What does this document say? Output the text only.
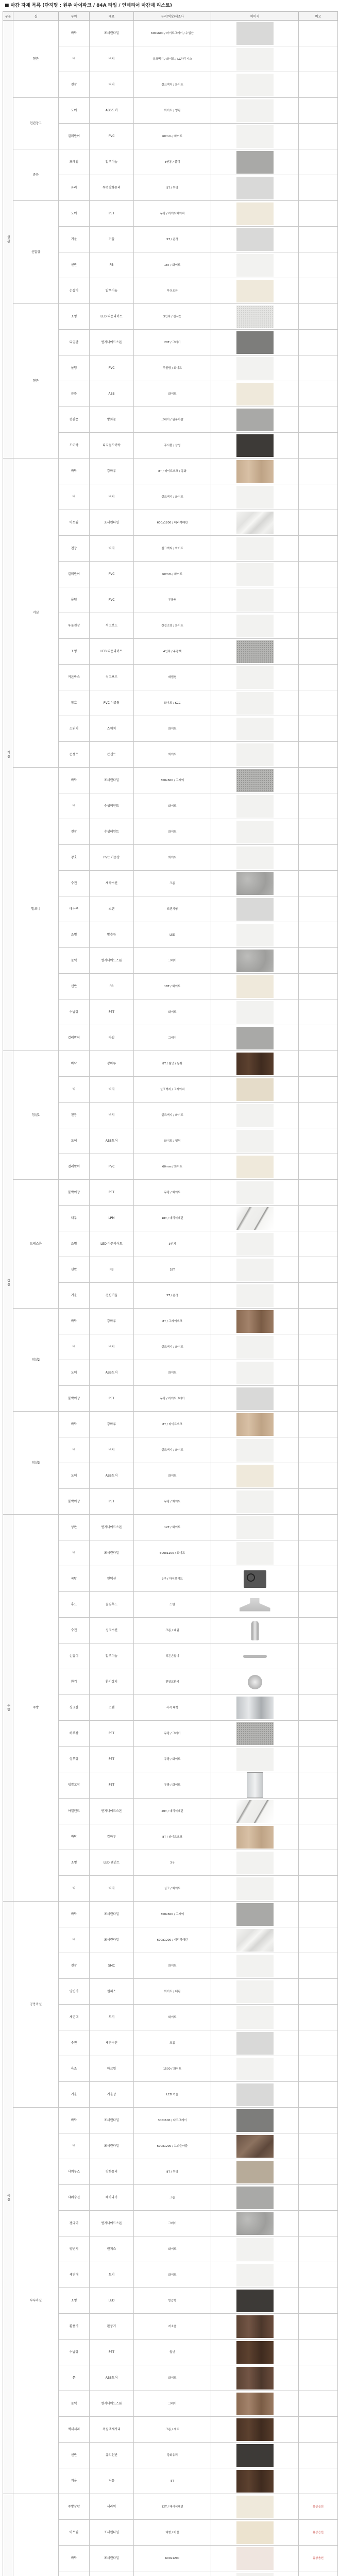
■ 마감 자재 목록 (단지명 : 원주 아이파크 / 84A 타입 / 인테리어 마감재 리스트)
구분	실	부위	재료	규격/색상/제조사	이미지	비고
현관	현관	바닥	포세린타일	600x600 / 라이트그레이 / 수입산	

		벽	벽지	실크벽지 / 화이트 / LG하우시스	

		천장	벽지	실크벽지 / 화이트	

	현관창고	도어	ABS도어	화이트 / 영림	

		걸레받이	PVC	60mm / 화이트	

	중문	프레임	알루미늄	3연동 / 블랙	

		유리	투명강화유리	5T / 투명	

	신발장	도어	PET	무광 / 라이트베이지	

		거울	거울	5T / 은경	

		선반	PB	18T / 화이트	

		손잡이	알루미늄	푸쉬오픈	

	현관	조명	LED 다운라이트	3인치 / 센서등	

		디딤판	엔지니어드스톤	20T / 그레이	

		몰딩	PVC	무몰딩 / 화이트	

		문틀	ABS	화이트	

		현관문	방화문	그레이 / 필름마감	

		도어락	디지털도어락	푸시풀 / 삼성	

거실	거실	바닥	강마루	8T / 라이트오크 / 동화	

		벽	벽지	실크벽지 / 화이트	

		아트월	포세린타일	600x1200 / 대리석패턴	

		천장	벽지	실크벽지 / 화이트	

		걸레받이	PVC	60mm / 화이트	

		몰딩	PVC	무몰딩	

		우물천장	석고보드	간접조명 / 화이트	

		조명	LED 다운라이트	4인치 / 주광색	

		커튼박스	석고보드	매립형	

		창호	PVC 이중창	화이트 / KCC	

		스위치	스위치	화이트	

		콘센트	콘센트	화이트	

	발코니	바닥	포세린타일	300x600 / 그레이	

		벽	수성페인트	화이트	

		천장	수성페인트	화이트	

		창호	PVC 이중창	화이트	

		수전	세탁수전	크롬	

		배수구	스텐	트렌치형	

		조명	방습등	LED	

		문턱	엔지니어드스톤	그레이	

		선반	PB	18T / 화이트	

		수납장	PET	화이트	

		걸레받이	타일	그레이	

침실	침실1	바닥	강마루	8T / 월넛 / 동화	

		벽	벽지	실크벽지 / 그레이지	

		천장	벽지	실크벽지 / 화이트	

		도어	ABS도어	화이트 / 영림	

		걸레받이	PVC	60mm / 화이트	

	드레스룸	붙박이장	PET	무광 / 화이트	

		내부	LPM	18T / 대리석패턴	

		조명	LED 다운라이트	3인치	

		선반	PB	18T	

		거울	전신거울	5T / 은경	

	침실2	바닥	강마루	8T / 그레이오크	

		벽	벽지	실크벽지 / 화이트	

		도어	ABS도어	화이트	

		붙박이장	PET	무광 / 라이트그레이	

	침실3	바닥	강마루	8T / 라이트오크	

		벽	벽지	실크벽지 / 화이트	

		도어	ABS도어	화이트	

		붙박이장	PET	무광 / 화이트	

주방	주방	상판	엔지니어드스톤	12T / 화이트	

		벽	포세린타일	600x1200 / 화이트	

		쿡탑	인덕션	3구 / 하이브리드	

		후드	슬림후드	스텐	

		수전	싱크수전	크롬 / 대림	

		손잡이	알루미늄	히든손잡이	

		환기	환기장치	전열교환기	

		싱크볼	스텐	사각 대형	

		하부장	PET	무광 / 그레이	

		상부장	PET	무광 / 화이트	

		냉장고장	PET	무광 / 화이트	

		아일랜드	엔지니어드스톤	20T / 대리석패턴	

		바닥	강마루	8T / 라이트오크	

		조명	LED 펜던트	3구	

		벽	벽지	실크 / 화이트	

욕실	공용욕실	바닥	포세린타일	300x600 / 그레이	

		벽	포세린타일	600x1200 / 대리석패턴	

		천장	SMC	화이트	

		양변기	원피스	화이트 / 대림	

		세면대	도기	화이트	

		수전	세면수전	크롬	

		욕조	아크릴	1500 / 화이트	

		거울	거울장	LED 거울	

	부부욕실	바닥	포세린타일	300x600 / 다크그레이	

		벽	포세린타일	600x1200 / 브라운마블	

		샤워부스	강화유리	8T / 투명	

		샤워수전	해바라기	크롬	

		젠다이	엔지니어드스톤	그레이	

		양변기	원피스	화이트	

		세면대	도기	화이트	

		조명	LED	방습형	

		환풍기	환풍기	저소음	

		수납장	PET	월넛	

		문	ABS도어	화이트	

		문턱	엔지니어드스톤	그레이	

		액세서리	욕실액세서리	크롬 / 세트	

		선반	유리선반	강화유리	

		거울	거울	5T	

		주방상판	세라믹	12T / 대리석패턴		유상옵션
		아트월	포세린타일	대형 / 마블		유상옵션
		바닥	포세린타일	600x1200		유상옵션
